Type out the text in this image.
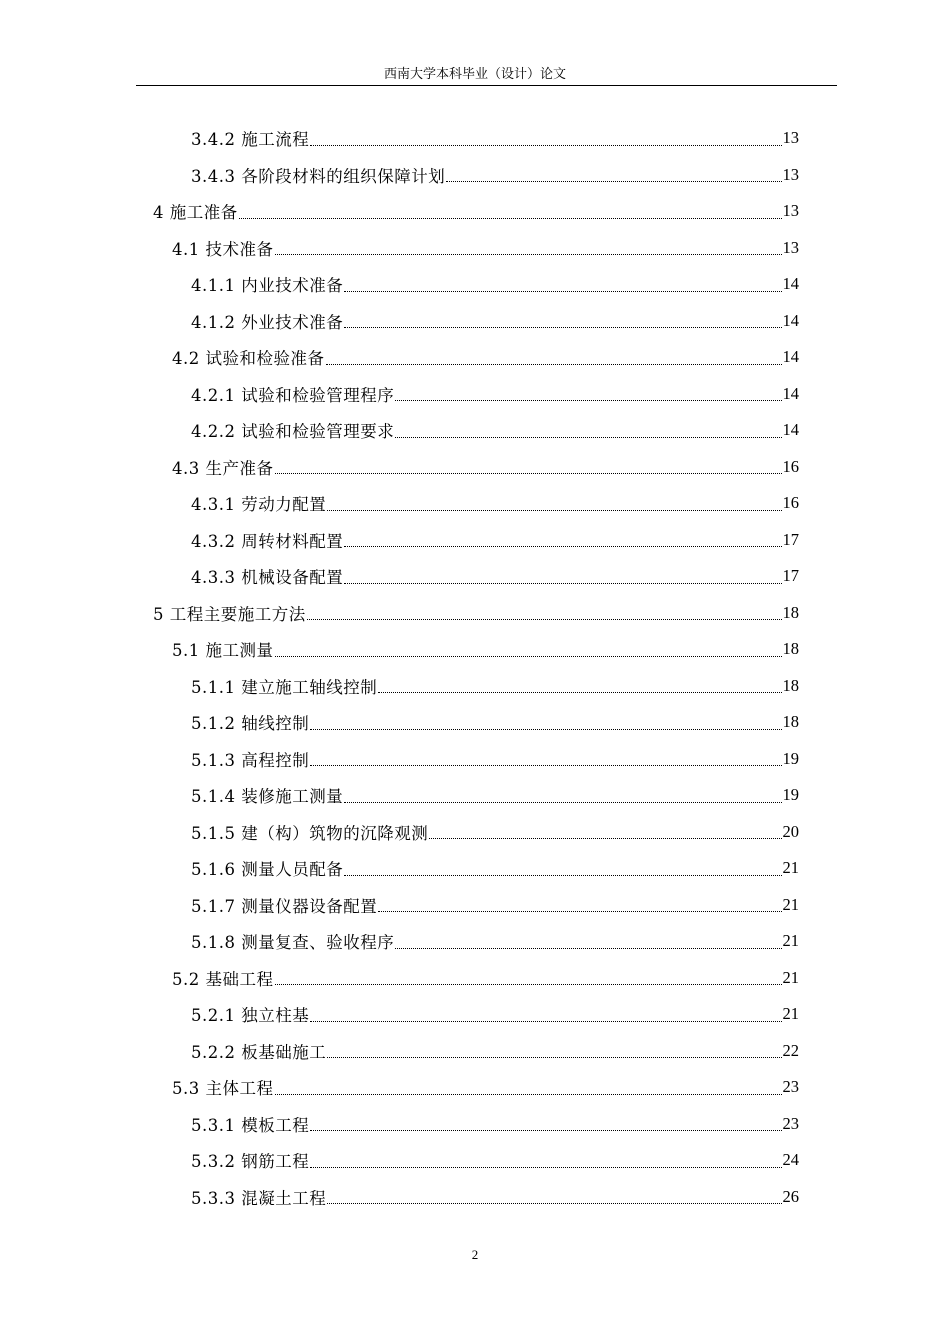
西南大学本科毕业（设计）论文
3.4.2 施工流程	13
3.4.3 各阶段材料的组织保障计划	13
4 施工准备	13
4.1 技术准备	13
4.1.1 内业技术准备	14
4.1.2 外业技术准备	14
4.2 试验和检验准备	14
4.2.1 试验和检验管理程序	14
4.2.2 试验和检验管理要求	14
4.3 生产准备	16
4.3.1 劳动力配置	16
4.3.2 周转材料配置	17
4.3.3 机械设备配置	17
5 工程主要施工方法	18
5.1 施工测量	18
5.1.1 建立施工轴线控制	18
5.1.2 轴线控制	18
5.1.3 高程控制	19
5.1.4 装修施工测量	19
5.1.5 建（构）筑物的沉降观测	20
5.1.6 测量人员配备	21
5.1.7 测量仪器设备配置	21
5.1.8 测量复查、验收程序	21
5.2 基础工程	21
5.2.1 独立柱基	21
5.2.2 板基础施工	22
5.3 主体工程	23
5.3.1 模板工程	23
5.3.2 钢筋工程	24
5.3.3 混凝土工程	26
2
